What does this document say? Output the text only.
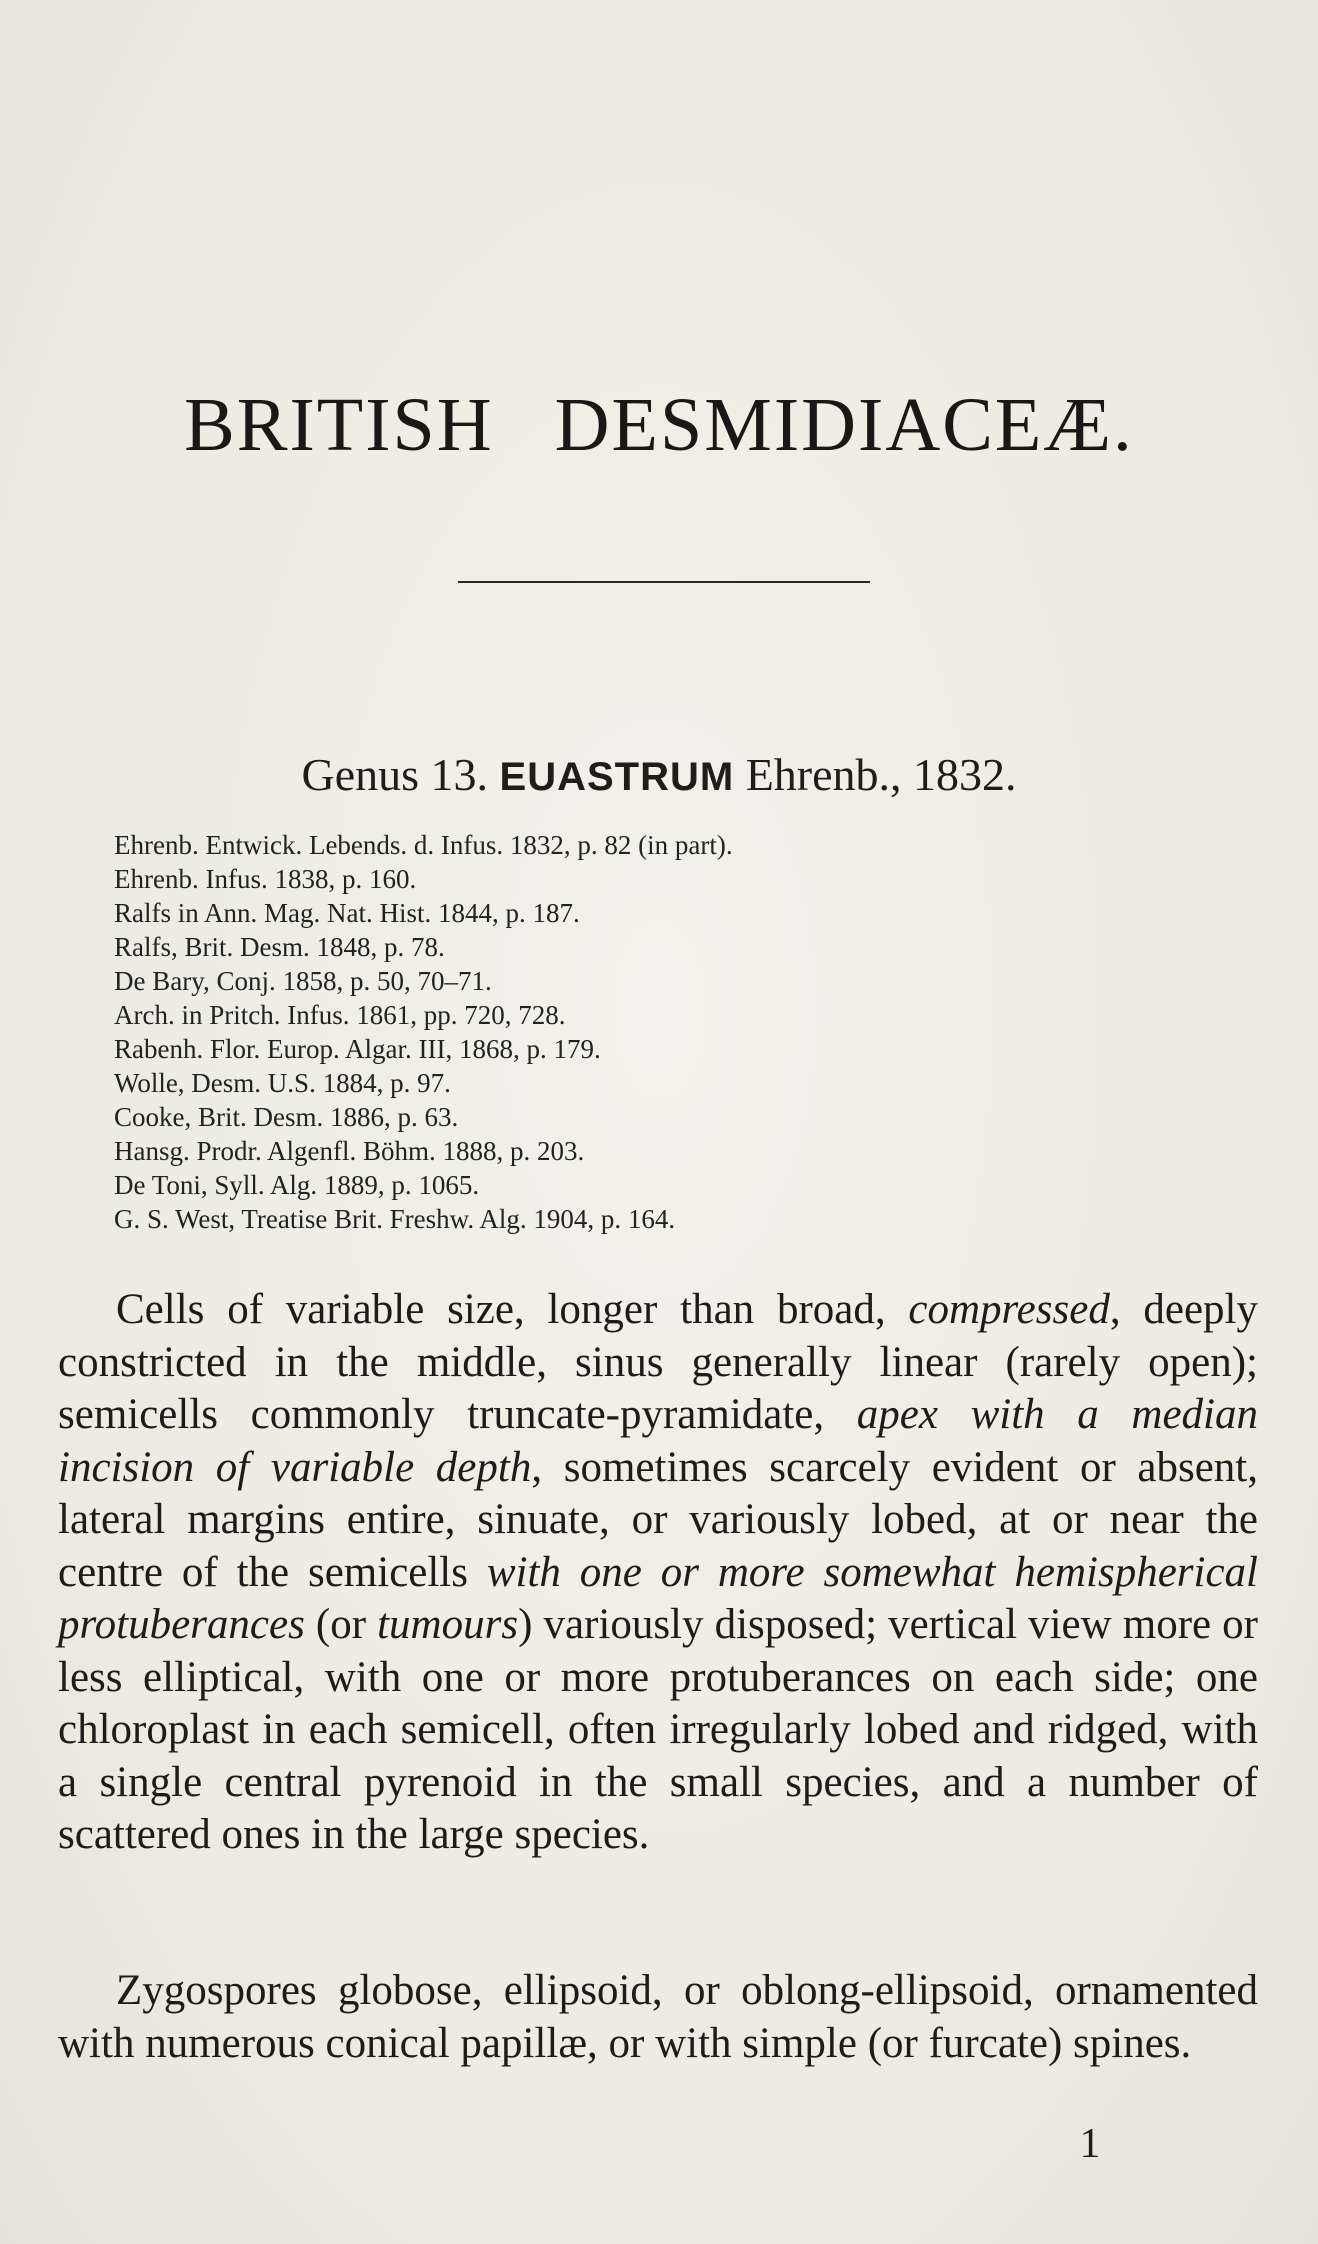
BRITISH DESMIDIACEÆ.
Genus 13. EUASTRUM Ehrenb., 1832.
Ehrenb. Entwick. Lebends. d. Infus. 1832, p. 82 (in part).
Ehrenb. Infus. 1838, p. 160.
Ralfs in Ann. Mag. Nat. Hist. 1844, p. 187.
Ralfs, Brit. Desm. 1848, p. 78.
De Bary, Conj. 1858, p. 50, 70–71.
Arch. in Pritch. Infus. 1861, pp. 720, 728.
Rabenh. Flor. Europ. Algar. III, 1868, p. 179.
Wolle, Desm. U.S. 1884, p. 97.
Cooke, Brit. Desm. 1886, p. 63.
Hansg. Prodr. Algenfl. Böhm. 1888, p. 203.
De Toni, Syll. Alg. 1889, p. 1065.
G. S. West, Treatise Brit. Freshw. Alg. 1904, p. 164.

Cells of variable size, longer than broad, compressed, deeply constricted in the middle, sinus generally linear (rarely open); semicells commonly truncate-pyramidate, apex with a median incision of variable depth, sometimes scarcely evident or absent, lateral margins entire, sinuate, or variously lobed, at or near the centre of the semicells with one or more somewhat hemispherical protuberances (or tumours) variously disposed; vertical view more or less elliptical, with one or more protuberances on each side; one chloroplast in each semicell, often irregularly lobed and ridged, with a single central pyrenoid in the small species, and a number of scattered ones in the large species.

Zygospores globose, ellipsoid, or oblong-ellipsoid, ornamented with numerous conical papillæ, or with simple (or furcate) spines.

1
